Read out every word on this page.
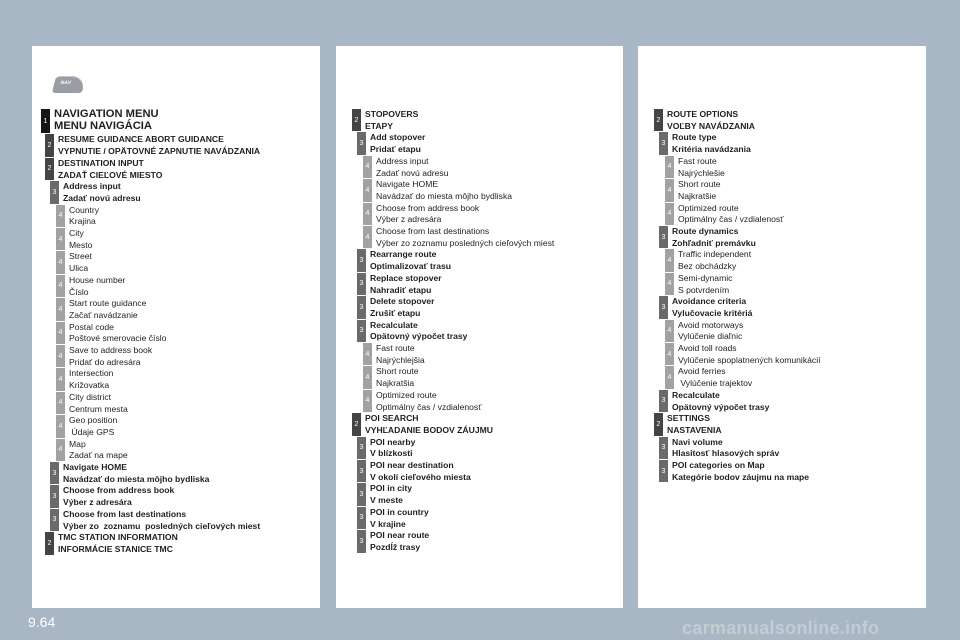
NAV
1
NAVIGATION MENU
MENU NAVIGÁCIA
2
RESUME GUIDANCE ABORT GUIDANCE
VYPNUTIE / OPÄTOVNÉ ZAPNUTIE NAVÁDZANIA
2
DESTINATION INPUT
ZADAŤ CIEĽOVÉ MIESTO
3
Address input
Zadať novú adresu
4
Country
Krajina
4
City
Mesto
4
Street
Ulica
4
House number
Číslo
4
Start route guidance
Začať navádzanie
4
Postal code
Poštové smerovacie číslo
4
Save to address book
Pridať do adresára
4
Intersection
Križovatka
4
City district
Centrum mesta
4
Geo position
Údaje GPS
4
Map
Zadať na mape
3
Navigate HOME
Navádzať do miesta môjho bydliska
3
Choose from address book
Výber z adresára
3
Choose from last destinations
Výber zo  zoznamu  posledných cieľových miest
2
TMC STATION INFORMATION
INFORMÁCIE STANICE TMC
2
STOPOVERS
ETAPY
3
Add stopover
Pridať etapu
4
Address input
Zadať novú adresu
4
Navigate HOME
Navádzať do miesta môjho bydliska
4
Choose from address book
Výber z adresára
4
Choose from last destinations
Výber zo zoznamu posledných cieľových miest
3
Rearrange route
Optimalizovať trasu
3
Replace stopover
Nahradiť etapu
3
Delete stopover
Zrušiť etapu
3
Recalculate
Opätovný výpočet trasy
4
Fast route
Najrýchlejšia
4
Short route
Najkratšia
4
Optimized route
Optimálny čas / vzdialenosť
2
POI SEARCH
VYHĽADANIE BODOV ZÁUJMU
3
POI nearby
V blízkosti
3
POI near destination
V okolí cieľového miesta
3
POI in city
V meste
3
POI in country
V krajine
3
POI near route
Pozdĺž trasy
2
ROUTE OPTIONS
VOĽBY NAVÁDZANIA
3
Route type
Kritéria navádzania
4
Fast route
Najrýchlešie
4
Short route
Najkratšie
4
Optimized route
Optimálny čas / vzdialenosť
3
Route dynamics
Zohľadniť premávku
4
Traffic independent
Bez obchádzky
4
Semi-dynamic
S potvrdením
3
Avoidance criteria
Vylučovacie kritériá
4
Avoid motorways
Vylúčenie diaľnic
4
Avoid toll roads
Vylúčenie spoplatnených komunikácií
4
Avoid ferries
Vylúčenie trajektov
3
Recalculate
Opätovný výpočet trasy
2
SETTINGS
NASTAVENIA
3
Navi volume
Hlasitosť hlasových správ
3
POI categories on Map
Kategórie bodov záujmu na mape
9.64	carmanualsonline.info
